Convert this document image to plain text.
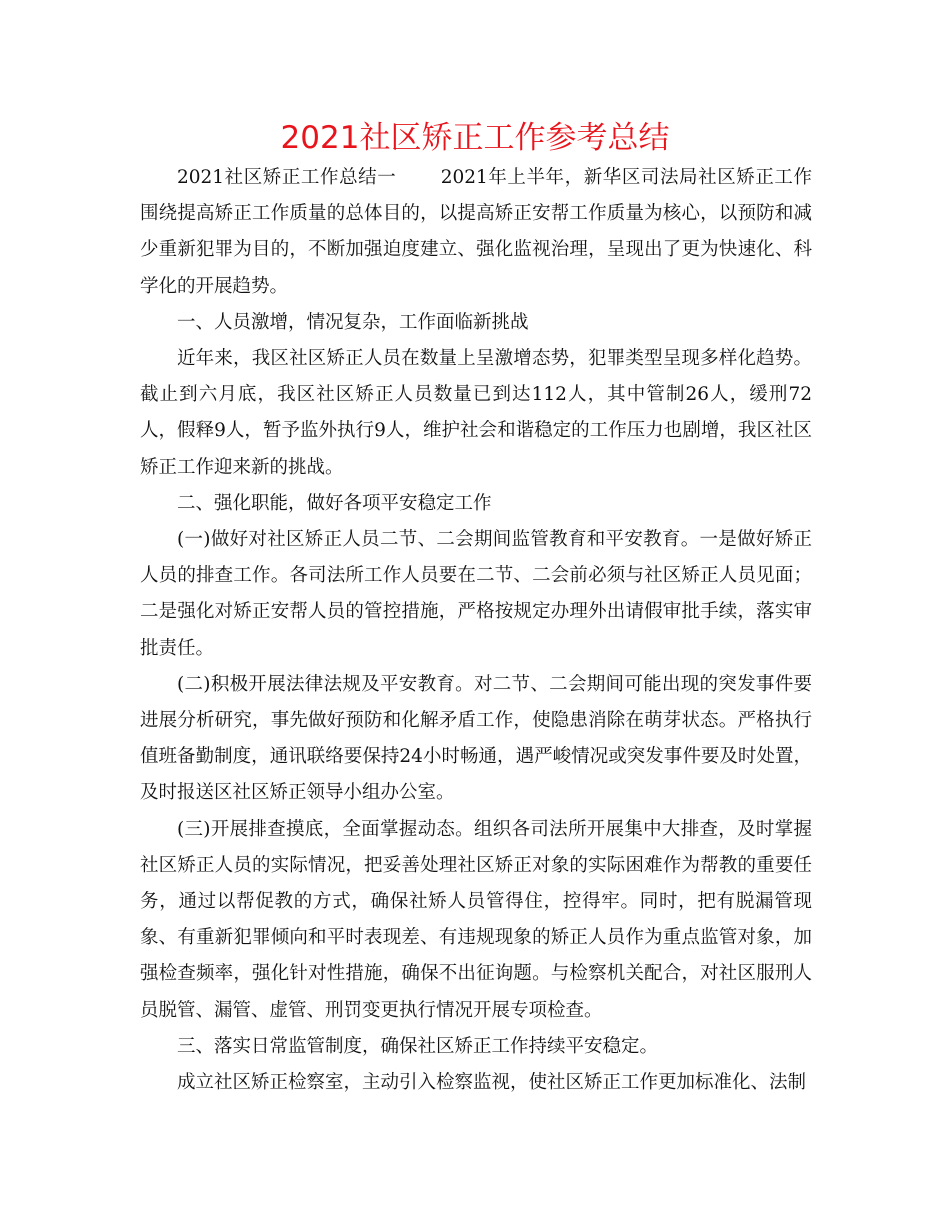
2021社区矫正工作参考总结

2021社区矫正工作总结一 2021年上半年，新华区司法局社区矫正工作围绕提高矫正工作质量的总体目的，以提高矫正安帮工作质量为核心，以预防和减少重新犯罪为目的，不断加强迫度建立、强化监视治理，呈现出了更为快速化、科学化的开展趋势。

一、人员激增，情况复杂，工作面临新挑战

近年来，我区社区矫正人员在数量上呈激增态势，犯罪类型呈现多样化趋势。截止到六月底，我区社区矫正人员数量已到达112人，其中管制26人，缓刑72人，假释9人，暂予监外执行9人，维护社会和谐稳定的工作压力也剧增，我区社区矫正工作迎来新的挑战。

二、强化职能，做好各项平安稳定工作

(一)做好对社区矫正人员二节、二会期间监管教育和平安教育。一是做好矫正人员的排查工作。各司法所工作人员要在二节、二会前必须与社区矫正人员见面；二是强化对矫正安帮人员的管控措施，严格按规定办理外出请假审批手续，落实审批责任。

(二)积极开展法律法规及平安教育。对二节、二会期间可能出现的突发事件要进展分析研究，事先做好预防和化解矛盾工作，使隐患消除在萌芽状态。严格执行值班备勤制度，通讯联络要保持24小时畅通，遇严峻情况或突发事件要及时处置，及时报送区社区矫正领导小组办公室。

(三)开展排查摸底，全面掌握动态。组织各司法所开展集中大排查，及时掌握社区矫正人员的实际情况，把妥善处理社区矫正对象的实际困难作为帮教的重要任务，通过以帮促教的方式，确保社矫人员管得住，控得牢。同时，把有脱漏管现象、有重新犯罪倾向和平时表现差、有违规现象的矫正人员作为重点监管对象，加强检查频率，强化针对性措施，确保不出征询题。与检察机关配合，对社区服刑人员脱管、漏管、虚管、刑罚变更执行情况开展专项检查。

三、落实日常监管制度，确保社区矫正工作持续平安稳定。

成立社区矫正检察室，主动引入检察监视，使社区矫正工作更加标准化、法制
